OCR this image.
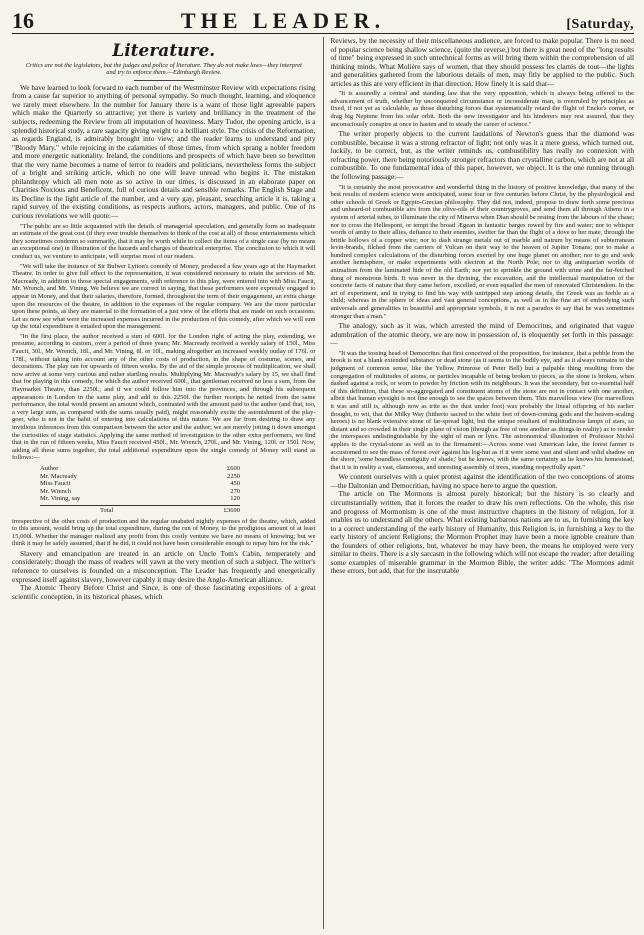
16	THE LEADER.	[Saturday,
Literature.
Critics are not the legislators, but the judges and police of literature. They do not make laws—they interpret and try to enforce them.—Edinburgh Review.

We have learned to look forward to each number of the Westminster Review with expectations rising from a cause far superior to anything of personal sympathy. So much thought, learning, and eloquence we rarely meet elsewhere. In the number for January there is a want of those light agreeable papers which make the Quarterly so attractive; yet there is variety and brilliancy in the treatment of the subjects, redeeming the Review from all imputation of heaviness. Mary Tudor, the opening article, is a splendid historical study, a rare sagacity giving weight to a brilliant style. The crisis of the Reformation, as regards England, is admirably brought into view; and the reader learns to understand and pity "Bloody Mary," while rejoicing in the calamities of those times, from which sprang a nobler freedom and more energetic nationality. Ireland, the conditions and prospects of which have been so bewritten that the very name becomes a name of terror to readers and politicians, nevertheless forms the subject of a bright and striking article, which no one will leave unread who begins it. The mistaken philanthropy which all men note as so active in our times, is discussed in an elaborate paper on Charities Noxious and Beneficent, full of curious details and sensible remarks. The English Stage and its Decline is the light article of the number, and a very gay, pleasant, searching article it is, taking a rapid survey of the existing conditions, as respects authors, actors, managers, and public. One of its curious revelations we will quote:—

"The public are so little acquainted with the details of managerial speculation, and generally form so inadequate an estimate of the great cost (if they ever trouble themselves to think of the cost at all) of those entertainments which they sometimes condemn so summarily, that it may be worth while to collect the items of a single case (by no means an exceptional one) in illustration of the hazards and charges of theatrical enterprise. The conclusion to which it will conduct us, we venture to anticipate, will surprise most of our readers.

"We will take the instance of Sir Bulwer Lytton's comedy of Money, produced a few years ago at the Haymarket Theatre. In order to give full effect to the representation, it was considered necessary to retain the services of Mr. Macready, in addition to those special engagements, with reference to this play, were entered into with Miss Faucit, Mr. Wrench, and Mr. Vining. We believe we are correct in saying, that these performers were expressly engaged to appear in Money, and that their salaries, therefore, formed, throughout the term of their engagement, an extra charge upon the resources of the theatre, in addition to the expenses of the regular company. We are the more particular upon these points, as they are material to the formation of a just view of the efforts that are made on such occasions. Let us now see what were the increased expenses incurred in the production of this comedy, after which we will sum up the total expenditure it entailed upon the management.

"In the first place, the author received a sum of 600l. for the London right of acting the play, extending, we presume, according to custom, over a period of three years; Mr. Macready received a weekly salary of 150l., Miss Faucit, 30l., Mr. Wrench, 18l., and Mr. Vining, 8l. or 10l., making altogether an increased weekly outlay of 176l. or 178l., without taking into account any of the other costs of production, in the shape of costume, scenes, and decorations. The play ran for upwards of fifteen weeks. By the aid of the simple process of multiplication, we shall now arrive at some very curious and rather startling results. Multiplying Mr. Macready's salary by 15, we shall find that for playing in this comedy, for which the author received 600l., that gentleman received no less a sum, from the Haymarket Theatre, than 2250l.; and if we could follow him into the provinces, and through his subsequent appearances in London in the same play, and add to this 2250l. the further receipts he netted from the same performance, the total would present an amount which, contrasted with the amount paid to the author (and that, too, a very large sum, as compared with the sums usually paid), might reasonably excite the astonishment of the play-goer, who is not in the habit of entering into calculations of this nature. We are far from desiring to draw any invidious inferences from this comparison between the actor and the author; we are merely jotting it down amongst the curiosities of stage statistics. Applying the same method of investigation to the other extra performers, we find that in the run of fifteen weeks, Miss Faucit received 450l., Mr. Wrench, 270l., and Mr. Vining, 120l. or 150l. Now, adding all these sums together, the total additional expenditure upon the single comedy of Money will stand as follows:—

Author	£600
Mr. Macready	2250
Miss Faucit	450
Mr. Wrench	270
Mr. Vining, say	120
Total	£3690

irrespective of the other costs of production and the regular unabated nightly expenses of the theatre, which, added to this amount, would bring up the total expenditure, during the run of Money, to the prodigious amount of at least 15,000l. Whether the manager realized any profit from this costly venture we have no means of knowing; but we think it may be safely assumed, that if he did, it could not have been considerable enough to repay him for the risk."

Slavery and emancipation are treated in an article on Uncle Tom's Cabin, temperately and considerately; though the mass of readers will yawn at the very mention of such a subject. The writer's reference to ourselves is founded on a misconception. The Leader has frequently and energetically expressed itself against slavery, however capably it may desire the Anglo-American alliance.

The Atomic Theory Before Christ and Since, is one of those fascinating expositions of a great scientific conception, in its historical phases, which

Reviews, by the necessity of their miscellaneous audience, are forced to make popular. There is no need of popular science being shallow science, (quite the reverse,) but there is great need of the "long results of time" being expressed in such untechnical forms as will bring them within the comprehension of all thinking minds. What Molière says of women, that they should possess les clartés de tout—the lights and generalities gathered from the laborious details of men, may fitly be applied to the public. Such articles as this are very efficient in that direction. How finely it is said that—

"It is assuredly a central and standing law that the very opposition, which is always being offered to the advancement of truth, whether by unconquered circumstance or inconsiderate man, is overruled by principles as fixed, if not yet as calculable, as those disturbing forces that systematically retard the flight of Encke's comet, or drag big Neptune from his solar orbit. Both the new investigator and his hinderers may rest assured, that they unconsciously conspire at once to hasten and to steady the career of science."

The writer properly objects to the current laudations of Newton's guess that the diamond was combustible, because it was a strong refractor of light; not only was it a mere guess, which turned out, luckily, to be correct, but, as the writer reminds us, combustibility has really no connexion with refracting power, there being notoriously stronger refractors than crystalline carbon, which are not at all combustible. To one fundamental idea of this paper, however, we object. It is the one running through the following passage:—

"It is certainly the most provocative and wonderful thing in the history of positive knowledge, that many of the best results of modern science were anticipated, some four or five centuries before Christ, by the physiological and other schools of Greek or Egypto-Grecian philosophy. They did not, indeed, propose to draw forth some precious and unheard-of combustible airs from the olive-oils of their countrygroves, and send them all through Athens in a system of arterial tubes, to illuminate the city of Minerva when Dian should be resting from the labours of the chase; nor to cross the Hellespont, or tempt the broad Ægean in fantastic barges rowed by fire and water; nor to whisper words of amity to their allies, defiance to their enemies, swifter far than the flight of a dove to her mate, through the brittle hollows of a copper wire; nor to dash strange metals out of marble and natrum by means of subterranean levin-brands, filched from the carriers of Vulcan on their way to the heaven of Jupiter Tonans; nor to make a hundred complex calculations of the disturbing forces exerted by one huge planet on another; nor to go and seek another hemisphere, or make experiments with electron at the North Pole; nor to dig antiquarian worlds of animalism from the laminated hide of the old Earth; nor yet to sprinkle the ground with urine and the far-fetched dung of monstrous birds. It was never in the divining, the excavation, and the intellectual manipulation of the concrete facts of nature that they came before, excelled, or even equalled the men of renovated Christendom. In the art of experiment, and in trying to find his way with untripped step among details, the Greek was as feeble as a child; whereas in the sphere of ideas and vast general conceptions, as well as in the fine art of embodying such universals and generalities in beautiful and appropriate symbols, it is not a paradox to say that he was sometimes stronger than a man."

The analogy, such as it was, which arrested the mind of Democritus, and originated that vague adumbration of the atomic theory, we are now in possession of, is eloquently set forth in this passage:—

"It was the tossing head of Democritus that first conceived of the proposition, for instance, that a pebble from the brook is not a blank extended substance or dead stone (as it seems to the bodily eye, and as it always remains to the judgment of common sense, like the Yellow Primrose of Peter Bell) but a palpable thing resulting from the congregation of multitudes of atoms, or particles incapable of being broken to pieces, as the stone is broken, when dashed against a rock, or worn to powder by friction with its neighbours. It was the secondary, but co-essential half of this definition, that these so-aggregated and constituent atoms of the stone are not in contact with one another, albeit that human eyesight is not fine enough to see the spaces between them. This marvellous view (for marvellous it was and still is, although now as trite as the dust under foot) was probably the lineal offspring of his earlier thought, to wit, that the Milky Way (hitherto sacred to the white feet of down-coming gods and the heaven-scaling heroes) is no blank extensive stone of far-spread light, but the unique resultant of multitudinous lamps of stars, so distant and so crowded in their single plane of vision (though as free of one another as things in reality) as to render the interspaces undistinguishable by the sight of man or lynx. The astronomical illustration of Professor Nichol applies to the crystal-stone as well as to the firmament:—Across some vast American lake, the forest farmer is accustomed to see the mass of forest over against his log-hut as if it were some vast and silent and solid shadow on the shore, 'some boundless contiguity of shade;' but he knows, with the same certainty as he knows his homestead, that it is in reality a vast, clamorous, and unresting assembly of trees, standing respectfully apart."

We content ourselves with a quiet protest against the identification of the two conceptions of atoms—the Daltonian and Democritian, having no space here to argue the question.

The article on The Mormons is almost purely historical; but the history is so clearly and circumstantially written, that it forces the reader to draw his own reflections. On the whole, this rise and progress of Mormonism is one of the most instructive chapters in the history of religion, for it enables us to understand all the others. What existing barbarous nations are to us, in furnishing the key to a correct understanding of the early history of Humanity, this Religion is, in furnishing a key to the early history of ancient Religions; the Mormon Prophet may have been a more ignoble creature than the founders of other religions, but, whatever he may have been, the means he employed were very similar to theirs. There is a sly sarcasm in the following which will not escape the reader; after detailing some examples of miserable grammar in the Mormon Bible, the writer adds: "The Mormons admit these errors, but add, that for the inscrutable
